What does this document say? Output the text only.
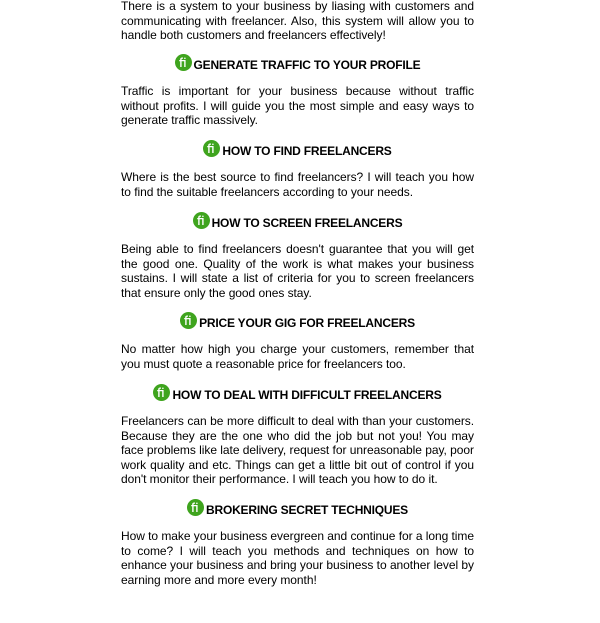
There is a system to your business by liasing with customers and communicating with freelancer. Also, this system will allow you to handle both customers and freelancers effectively!

GENERATE TRAFFIC TO YOUR PROFILE

Traffic is important for your business because without traffic without profits. I will guide you the most simple and easy ways to generate traffic massively.

HOW TO FIND FREELANCERS

Where is the best source to find freelancers? I will teach you how to find the suitable freelancers according to your needs.

HOW TO SCREEN FREELANCERS

Being able to find freelancers doesn't guarantee that you will get the good one. Quality of the work is what makes your business sustains. I will state a list of criteria for you to screen freelancers that ensure only the good ones stay.

PRICE YOUR GIG FOR FREELANCERS

No matter how high you charge your customers, remember that you must quote a reasonable price for freelancers too.

HOW TO DEAL WITH DIFFICULT FREELANCERS

Freelancers can be more difficult to deal with than your customers. Because they are the one who did the job but not you! You may face problems like late delivery, request for unreasonable pay, poor work quality and etc. Things can get a little bit out of control if you don't monitor their performance. I will teach you how to do it.

BROKERING SECRET TECHNIQUES

How to make your business evergreen and continue for a long time to come? I will teach you methods and techniques on how to enhance your business and bring your business to another level by earning more and more every month!
